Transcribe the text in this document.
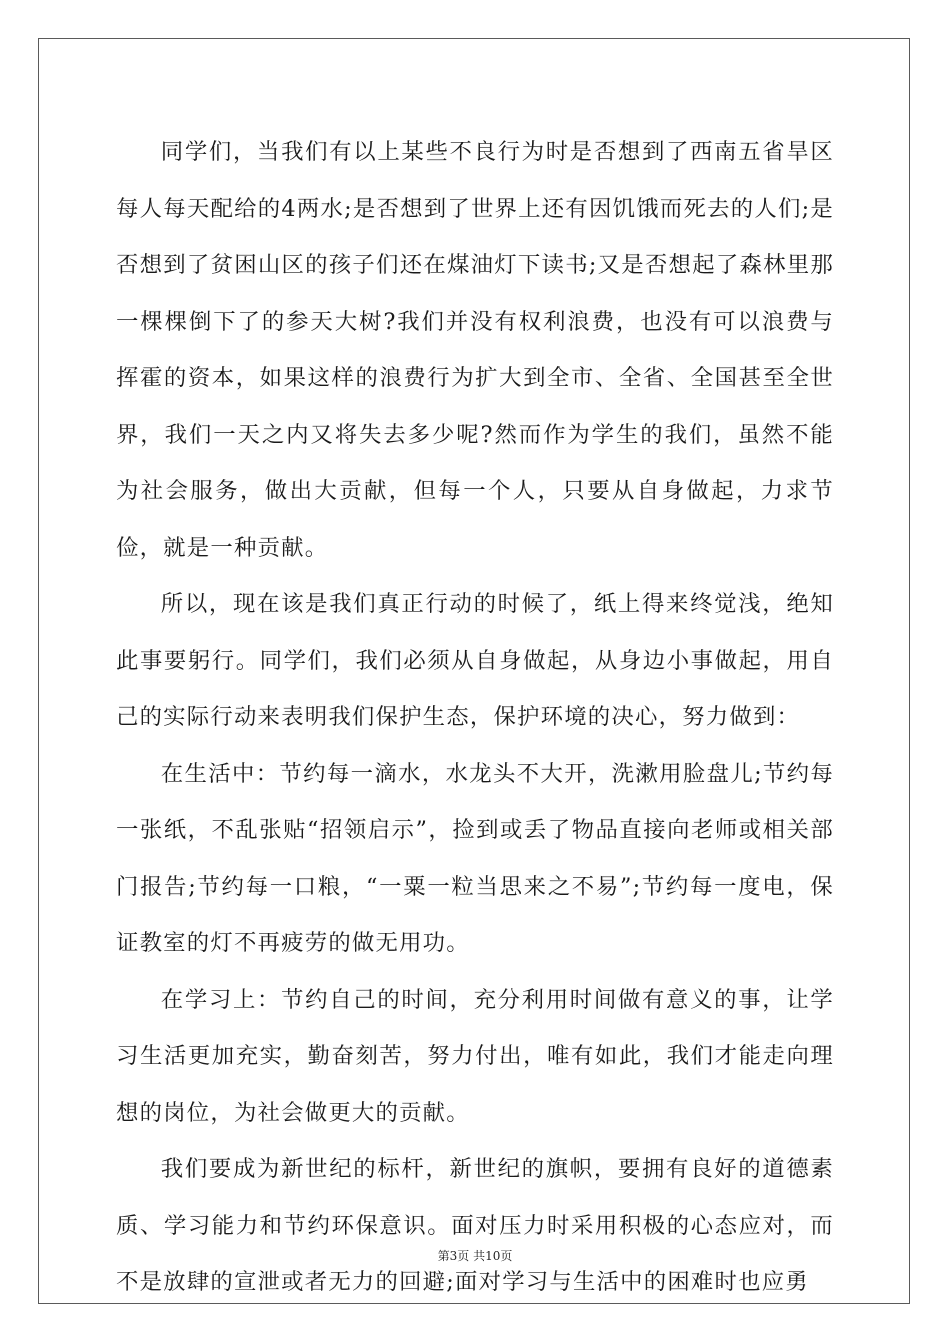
同学们，当我们有以上某些不良行为时是否想到了西南五省旱区每人每天配给的4两水;是否想到了世界上还有因饥饿而死去的人们;是否想到了贫困山区的孩子们还在煤油灯下读书;又是否想起了森林里那一棵棵倒下了的参天大树?我们并没有权利浪费，也没有可以浪费与挥霍的资本，如果这样的浪费行为扩大到全市、全省、全国甚至全世界，我们一天之内又将失去多少呢?然而作为学生的我们，虽然不能为社会服务，做出大贡献，但每一个人，只要从自身做起，力求节俭，就是一种贡献。

所以，现在该是我们真正行动的时候了，纸上得来终觉浅，绝知此事要躬行。同学们，我们必须从自身做起，从身边小事做起，用自己的实际行动来表明我们保护生态，保护环境的决心，努力做到：

在生活中：节约每一滴水，水龙头不大开，洗漱用脸盘儿;节约每一张纸，不乱张贴“招领启示”，捡到或丢了物品直接向老师或相关部门报告;节约每一口粮，“一粟一粒当思来之不易”;节约每一度电，保证教室的灯不再疲劳的做无用功。

在学习上：节约自己的时间，充分利用时间做有意义的事，让学习生活更加充实，勤奋刻苦，努力付出，唯有如此，我们才能走向理想的岗位，为社会做更大的贡献。

我们要成为新世纪的标杆，新世纪的旗帜，要拥有良好的道德素质、学习能力和节约环保意识。面对压力时采用积极的心态应对，而不是放肆的宣泄或者无力的回避;面对学习与生活中的困难时也应勇

第3页 共10页
